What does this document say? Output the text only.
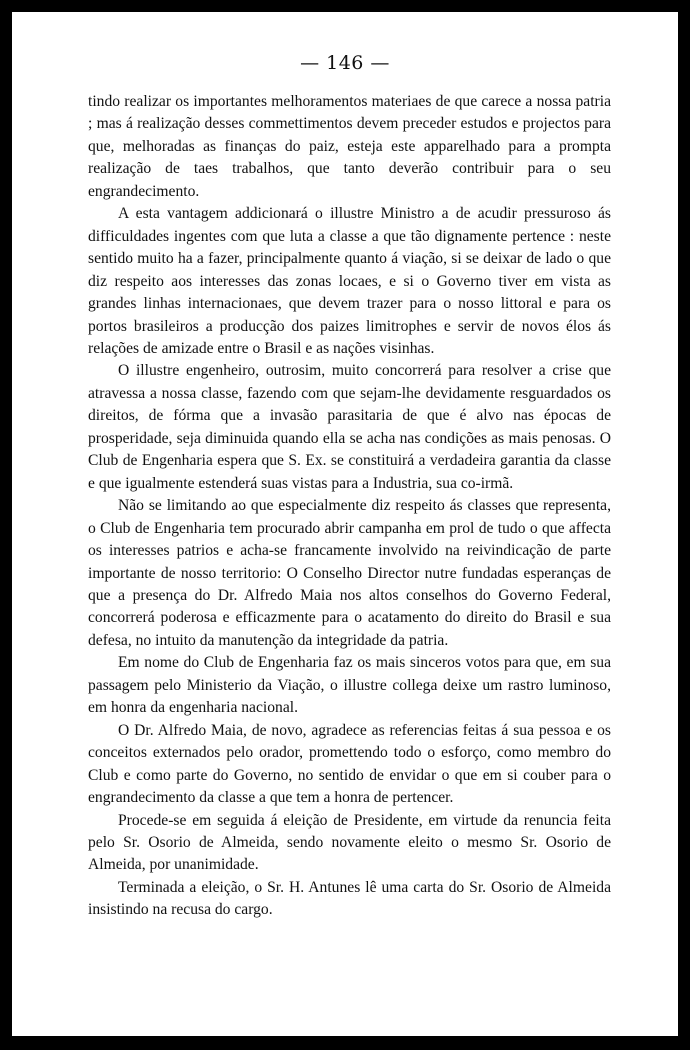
— 146 —

tindo realizar os importantes melhoramentos materiaes de que carece a nossa patria ; mas á realização desses commettimentos devem preceder estudos e projectos para que, melhoradas as finanças do paiz, esteja este apparelhado para a prompta realização de taes trabalhos, que tanto deverão contribuir para o seu engrandecimento.

A esta vantagem addicionará o illustre Ministro a de acudir pressuroso ás difficuldades ingentes com que luta a classe a que tão dignamente pertence : neste sentido muito ha a fazer, principalmente quanto á viação, si se deixar de lado o que diz respeito aos interesses das zonas locaes, e si o Governo tiver em vista as grandes linhas internacionaes, que devem trazer para o nosso littoral e para os portos brasileiros a producção dos paizes limitrophes e servir de novos élos ás relações de amizade entre o Brasil e as nações visinhas.

O illustre engenheiro, outrosim, muito concorrerá para resolver a crise que atravessa a nossa classe, fazendo com que sejam-lhe devidamente resguardados os direitos, de fórma que a invasão parasitaria de que é alvo nas épocas de prosperidade, seja diminuida quando ella se acha nas condições as mais penosas. O Club de Engenharia espera que S. Ex. se constituirá a verdadeira garantia da classe e que igualmente estenderá suas vistas para a Industria, sua co-irmã.

Não se limitando ao que especialmente diz respeito ás classes que representa, o Club de Engenharia tem procurado abrir campanha em prol de tudo o que affecta os interesses patrios e acha-se francamente involvido na reivindicação de parte importante de nosso territorio: O Conselho Director nutre fundadas esperanças de que a presença do Dr. Alfredo Maia nos altos conselhos do Governo Federal, concorrerá poderosa e efficazmente para o acatamento do direito do Brasil e sua defesa, no intuito da manutenção da integridade da patria.

Em nome do Club de Engenharia faz os mais sinceros votos para que, em sua passagem pelo Ministerio da Viação, o illustre collega deixe um rastro luminoso, em honra da engenharia nacional.

O Dr. Alfredo Maia, de novo, agradece as referencias feitas á sua pessoa e os conceitos externados pelo orador, promettendo todo o esforço, como membro do Club e como parte do Governo, no sentido de envidar o que em si couber para o engrandecimento da classe a que tem a honra de pertencer.

Procede-se em seguida á eleição de Presidente, em virtude da renuncia feita pelo Sr. Osorio de Almeida, sendo novamente eleito o mesmo Sr. Osorio de Almeida, por unanimidade.

Terminada a eleição, o Sr. H. Antunes lê uma carta do Sr. Osorio de Almeida insistindo na recusa do cargo.
